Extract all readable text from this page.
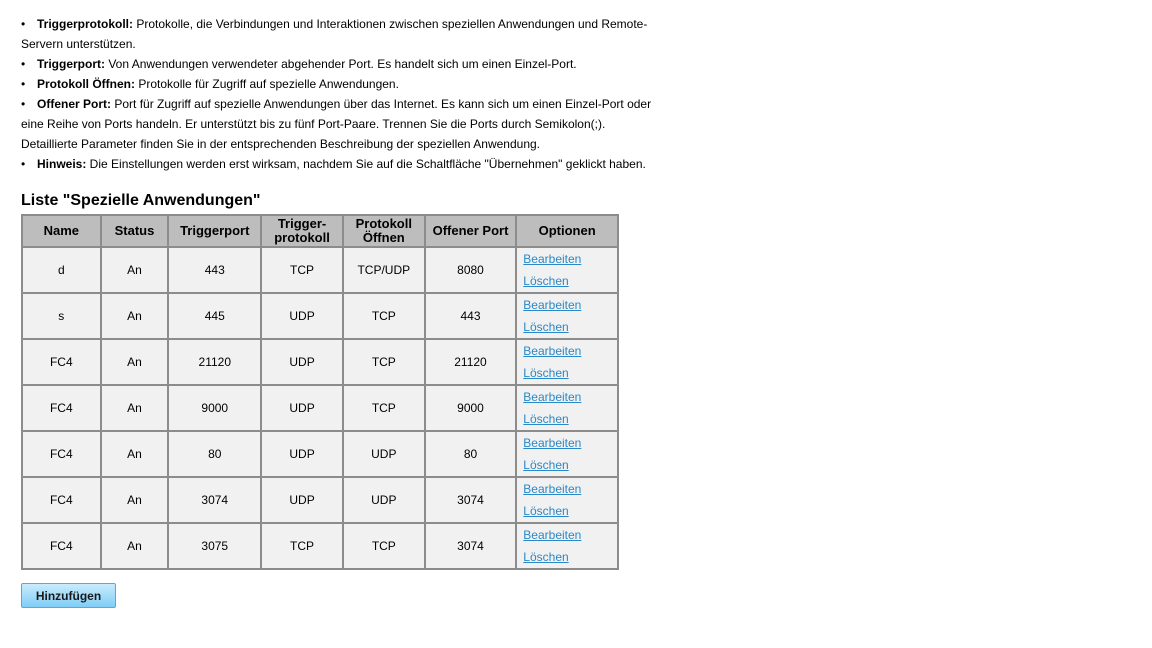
• Triggerprotokoll: Protokolle, die Verbindungen und Interaktionen zwischen speziellen Anwendungen und Remote-

Servern unterstützen.

• Triggerport: Von Anwendungen verwendeter abgehender Port. Es handelt sich um einen Einzel-Port.

• Protokoll Öffnen: Protokolle für Zugriff auf spezielle Anwendungen.

• Offener Port: Port für Zugriff auf spezielle Anwendungen über das Internet. Es kann sich um einen Einzel-Port oder

eine Reihe von Ports handeln. Er unterstützt bis zu fünf Port-Paare. Trennen Sie die Ports durch Semikolon(;).

Detaillierte Parameter finden Sie in der entsprechenden Beschreibung der speziellen Anwendung.

• Hinweis: Die Einstellungen werden erst wirksam, nachdem Sie auf die Schaltfläche "Übernehmen" geklickt haben.

Liste "Spezielle Anwendungen"
Name	Status	Triggerport	Trigger-
protokoll	Protokoll
Öffnen	Offener Port	Optionen
d	An	443	TCP	TCP/UDP	8080	Bearbeiten
Löschen

s	An	445	UDP	TCP	443	Bearbeiten
Löschen

FC4	An	21120	UDP	TCP	21120	Bearbeiten
Löschen

FC4	An	9000	UDP	TCP	9000	Bearbeiten
Löschen

FC4	An	80	UDP	UDP	80	Bearbeiten
Löschen

FC4	An	3074	UDP	UDP	3074	Bearbeiten
Löschen

FC4	An	3075	TCP	TCP	3074	Bearbeiten
Löschen
Hinzufügen
